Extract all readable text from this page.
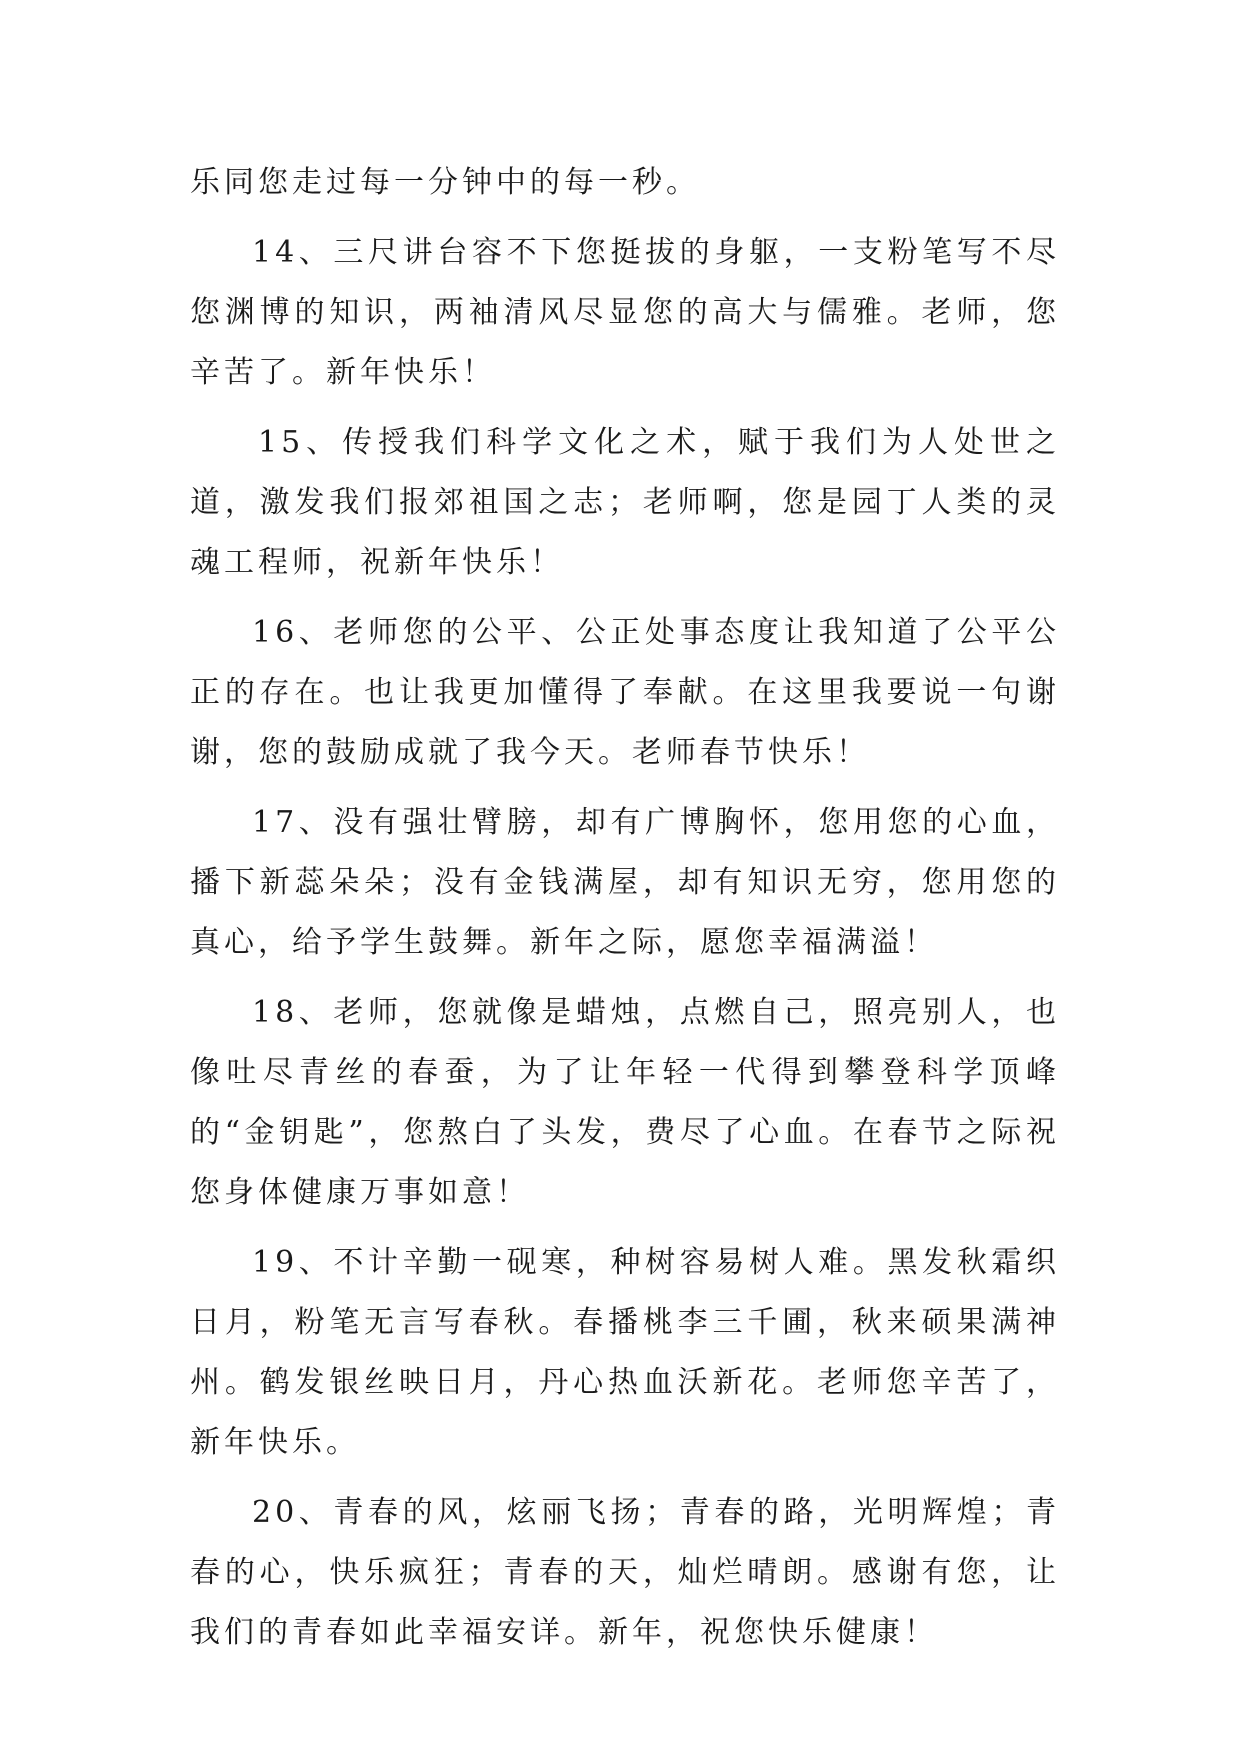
乐同您走过每一分钟中的每一秒。

14、三尺讲台容不下您挺拔的身躯，一支粉笔写不尽您渊博的知识，两袖清风尽显您的高大与儒雅。老师，您辛苦了。新年快乐！

15、传授我们科学文化之术，赋于我们为人处世之道，激发我们报郊祖国之志；老师啊，您是园丁人类的灵魂工程师，祝新年快乐！

16、老师您的公平、公正处事态度让我知道了公平公正的存在。也让我更加懂得了奉献。在这里我要说一句谢谢，您的鼓励成就了我今天。老师春节快乐！

17、没有强壮臂膀，却有广博胸怀，您用您的心血，播下新蕊朵朵；没有金钱满屋，却有知识无穷，您用您的真心，给予学生鼓舞。新年之际，愿您幸福满溢！

18、老师，您就像是蜡烛，点燃自己，照亮别人，也像吐尽青丝的春蚕，为了让年轻一代得到攀登科学顶峰的“金钥匙”，您熬白了头发，费尽了心血。在春节之际祝您身体健康万事如意！

19、不计辛勤一砚寒，种树容易树人难。黑发秋霜织日月，粉笔无言写春秋。春播桃李三千圃，秋来硕果满神州。鹤发银丝映日月，丹心热血沃新花。老师您辛苦了，新年快乐。

20、青春的风，炫丽飞扬；青春的路，光明辉煌；青春的心，快乐疯狂；青春的天，灿烂晴朗。感谢有您，让我们的青春如此幸福安详。新年，祝您快乐健康！
